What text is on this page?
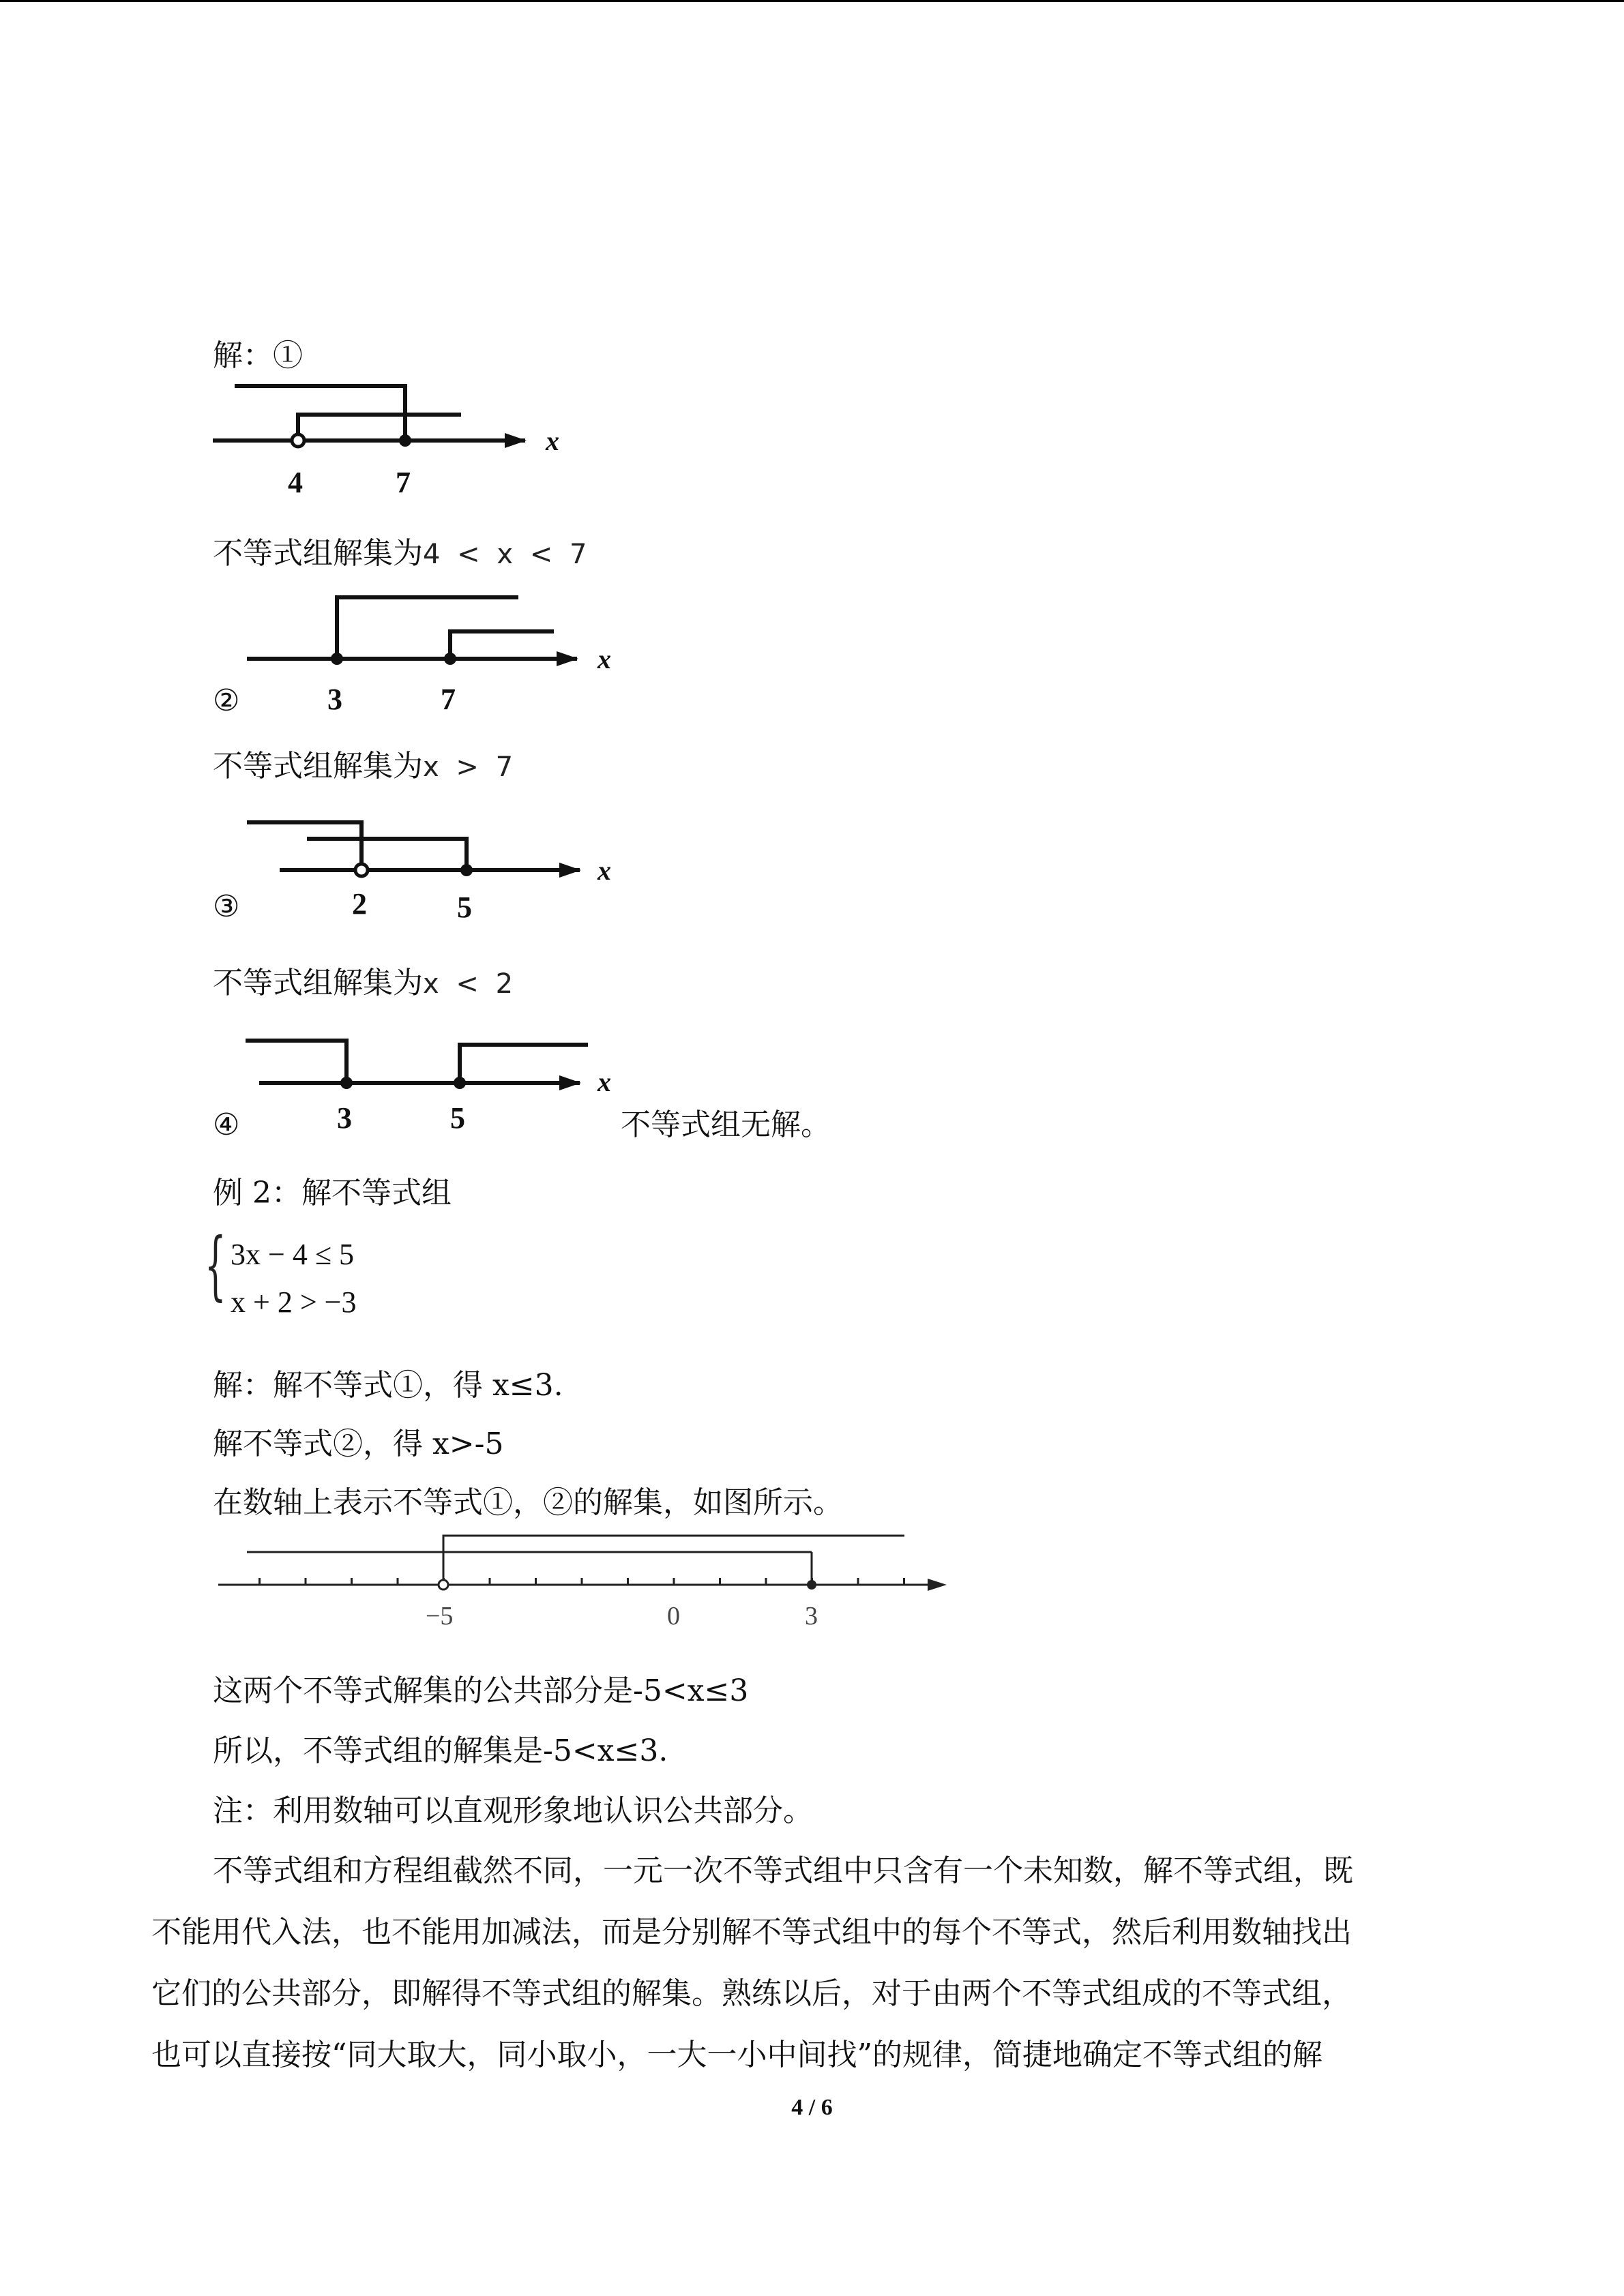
解：①
x
4	7
不等式组解集为4 < x < 7
x
3	7
②
不等式组解集为x > 7
x
2	5
③
不等式组解集为x < 2
x
3	5
④	不等式组无解。
例 2：解不等式组
{ 3x − 4 ≤ 5
x + 2 > −3
解：解不等式①，得 x≤3.
解不等式②，得 x>-5
在数轴上表示不等式①，②的解集，如图所示。
−5	0	3
这两个不等式解集的公共部分是-5<x≤3
所以，不等式组的解集是-5<x≤3.
注：利用数轴可以直观形象地认识公共部分。
不等式组和方程组截然不同，一元一次不等式组中只含有一个未知数，解不等式组，既
不能用代入法，也不能用加减法，而是分别解不等式组中的每个不等式，然后利用数轴找出
它们的公共部分，即解得不等式组的解集。熟练以后，对于由两个不等式组成的不等式组，
也可以直接按“同大取大，同小取小，一大一小中间找”的规律，简捷地确定不等式组的解
4 / 6
